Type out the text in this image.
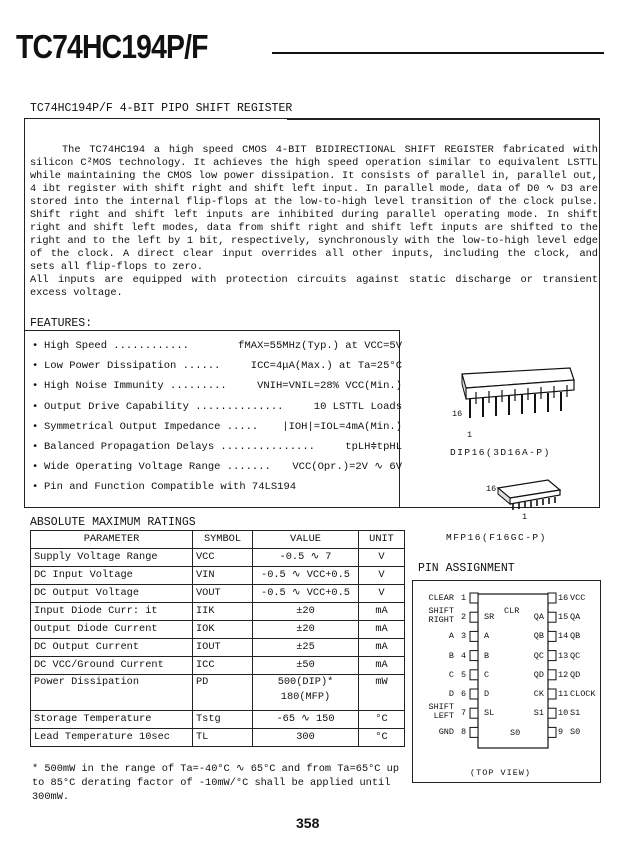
TC74HC194P/F
TC74HC194P/F 4-BIT PIPO SHIFT REGISTER

The TC74HC194 a high speed CMOS 4-BIT BIDIRECTIONAL SHIFT REGISTER fabricated with silicon C²MOS technology. It achieves the high speed operation similar to equivalent LSTTL while maintaining the CMOS low power dissipation. It consists of parallel in, parallel out, 4 ibt register with shift right and shift left input. In parallel mode, data of D0 ∿ D3 are stored into the internal flip-flops at the low-to-high level transition of the clock pulse. Shift right and shift left inputs are inhibited during parallel operating mode. In shift right and shift left modes, data from shift right and shift left inputs are shifted to the right and to the left by 1 bit, respectively, synchronously with the low-to-high level edge of the clock. A direct clear input overrides all other inputs, including the clock, and sets all flip-flops to zero.

All inputs are equipped with protection circuits against static discharge or transient excess voltage.

FEATURES:
• High Speed ............	fMAX=55MHz(Typ.) at VCC=5V
• Low Power Dissipation ......	ICC=4μA(Max.) at Ta=25°C
• High Noise Immunity .........	VNIH=VNIL=28% VCC(Min.)
• Output Drive Capability ..............	10 LSTTL Loads
• Symmetrical Output Impedance .....	|IOH|=IOL=4mA(Min.)
• Balanced Propagation Delays ...............	tpLH≑tpHL
• Wide Operating Voltage Range .......	VCC(Opr.)=2V ∿ 6V
• Pin and Function Compatible with 74LS194
16
1
DIP16(3D16A-P)
16
1
MFP16(F16GC-P)
ABSOLUTE MAXIMUM RATINGS
PARAMETER	SYMBOL	VALUE	UNIT
Supply Voltage Range	VCC	-0.5 ∿ 7	V
DC Input Voltage	VIN	-0.5 ∿ VCC+0.5	V
DC Output Voltage	VOUT	-0.5 ∿ VCC+0.5	V
Input Diode Curr: it	IIK	±20	mA
Output Diode Current	IOK	±20	mA
DC Output Current	IOUT	±25	mA
DC VCC/Ground Current	ICC	±50	mA
Power Dissipation	PD	500(DIP)*
180(MFP)	mW
Storage Temperature	Tstg	-65 ∿ 150	°C
Lead Temperature 10sec	TL	300	°C
* 500mW in the range of Ta=-40°C ∿ 65°C and from Ta=65°C up to 85°C derating factor of -10mW/°C shall be applied until 300mW.
PIN ASSIGNMENT
CLEAR 1
SHIFT
RIGHT 2
A 3
B 4
C 5
D 6
SHIFT
LEFT 7
GND 8
16 VCC
15 QA
14 QB
13 QC
12 QD
11 CLOCK
10 S1
9 S0
SR
A
B
C
D
SL
QA
QB
QC
QD
CK
S1
CLR
S0
(TOP VIEW)
358
